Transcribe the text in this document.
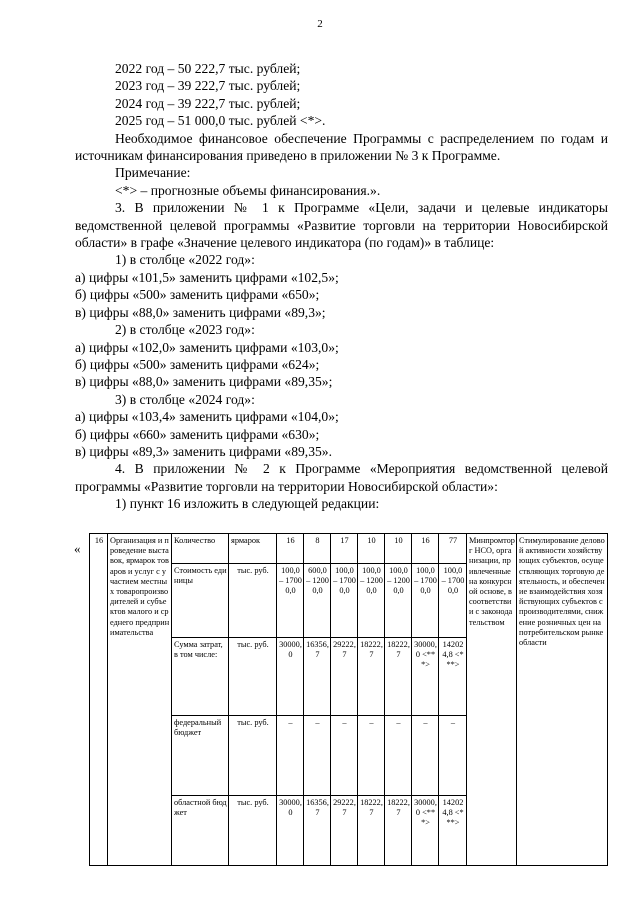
2

2022 год – 50 222,7 тыс. рублей;

2023 год – 39 222,7 тыс. рублей;

2024 год – 39 222,7 тыс. рублей;

2025 год – 51 000,0 тыс. рублей <*>.

Необходимое финансовое обеспечение Программы с распределением по годам и источникам финансирования приведено в приложении № 3 к Программе.

Примечание:

<*> – прогнозные объемы финансирования.».

3. В приложении № 1 к Программе «Цели, задачи и целевые индикаторы ведомственной целевой программы «Развитие торговли на территории Новосибирской области» в графе «Значение целевого индикатора (по годам)» в таблице:

1) в столбце «2022 год»:

а) цифры «101,5» заменить цифрами «102,5»;

б) цифры «500» заменить цифрами «650»;

в) цифры «88,0» заменить цифрами «89,3»;

2) в столбце «2023 год»:

а) цифры «102,0» заменить цифрами «103,0»;

б) цифры «500» заменить цифрами «624»;

в) цифры «88,0» заменить цифрами «89,35»;

3) в столбце «2024 год»:

а) цифры «103,4» заменить цифрами «104,0»;

б) цифры «660» заменить цифрами «630»;

в) цифры «89,3» заменить цифрами «89,35».

4. В приложении № 2 к Программе «Мероприятия ведомственной целевой программы «Развитие торговли на территории Новосибирской области»:

1) пункт 16 изложить в следующей редакции:

«
16	Организация и проведение выставок, ярмарок товаров и услуг с участием местных товаропроизводителей и субъектов малого и среднего предпринимательства	Количество	ярмарок	16	8	17	10	10	16	77	Минпромторг НСО, организации, привлеченные на конкурсной основе, в соответствии с законодательством	Стимулирование деловой активности хозяйствующих субъектов, осуществляющих торговую деятельность, и обеспечение взаимодействия хозяйствующих субъектов с производителями, снижение розничных цен на потребительском рынке области
		Стоимость единицы	тыс. руб.	100,0 – 17000,0	600,0 – 12000,0	100,0 – 17000,0	100,0 – 12000,0	100,0 – 12000,0	100,0 – 17000,0	100,0 – 17000,0		
		Сумма затрат, в том числе:	тыс. руб.	30000,0	16356,7	29222,7	18222,7	18222,7	30000,0 <***>	142024,8 <***>		
		федеральный бюджет	тыс. руб.	–	–	–	–	–	–	–		
		областной бюджет	тыс. руб.	30000,0	16356,7	29222,7	18222,7	18222,7	30000,0 <***>	142024,8 <***>		
